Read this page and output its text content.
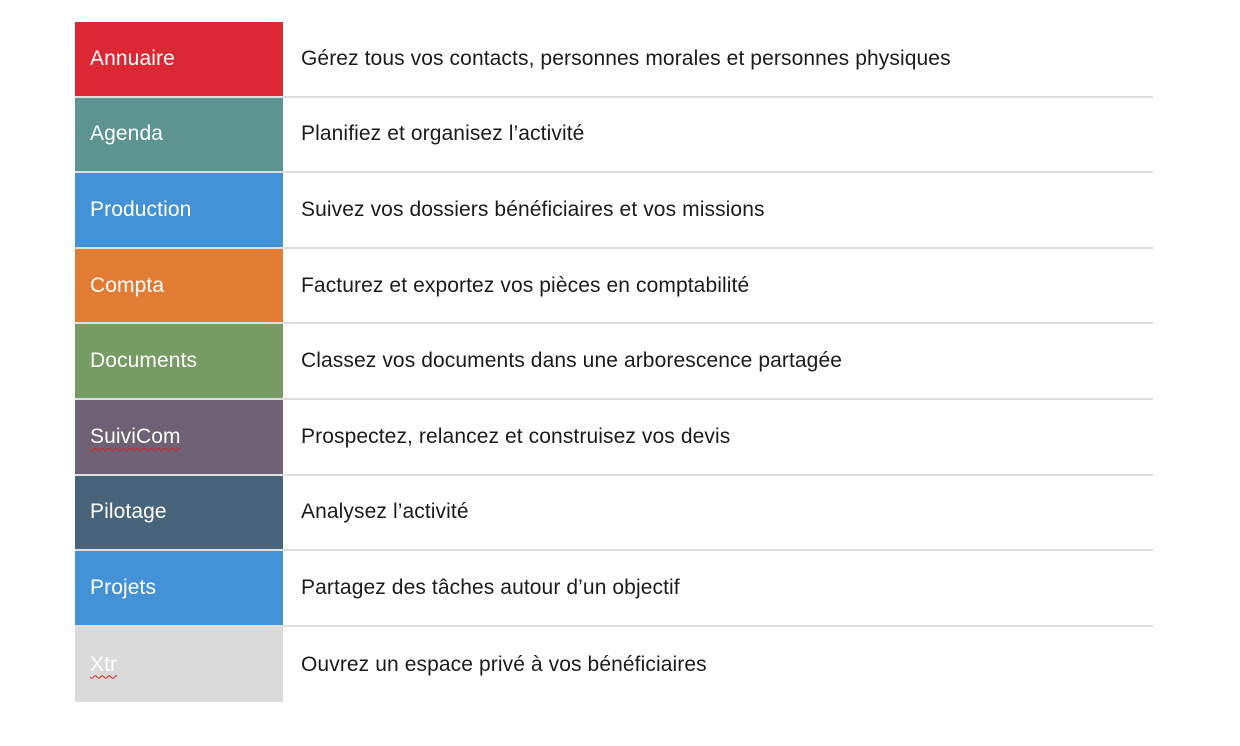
Annuaire	Gérez tous vos contacts, personnes morales et personnes physiques
Agenda	Planifiez et organisez l’activité
Production	Suivez vos dossiers bénéficiaires et vos missions
Compta	Facturez et exportez vos pièces en comptabilité
Documents	Classez vos documents dans une arborescence partagée
SuiviCom	Prospectez, relancez et construisez vos devis
Pilotage	Analysez l’activité
Projets	Partagez des tâches autour d’un objectif
Xtr	Ouvrez un espace privé à vos bénéficiaires
